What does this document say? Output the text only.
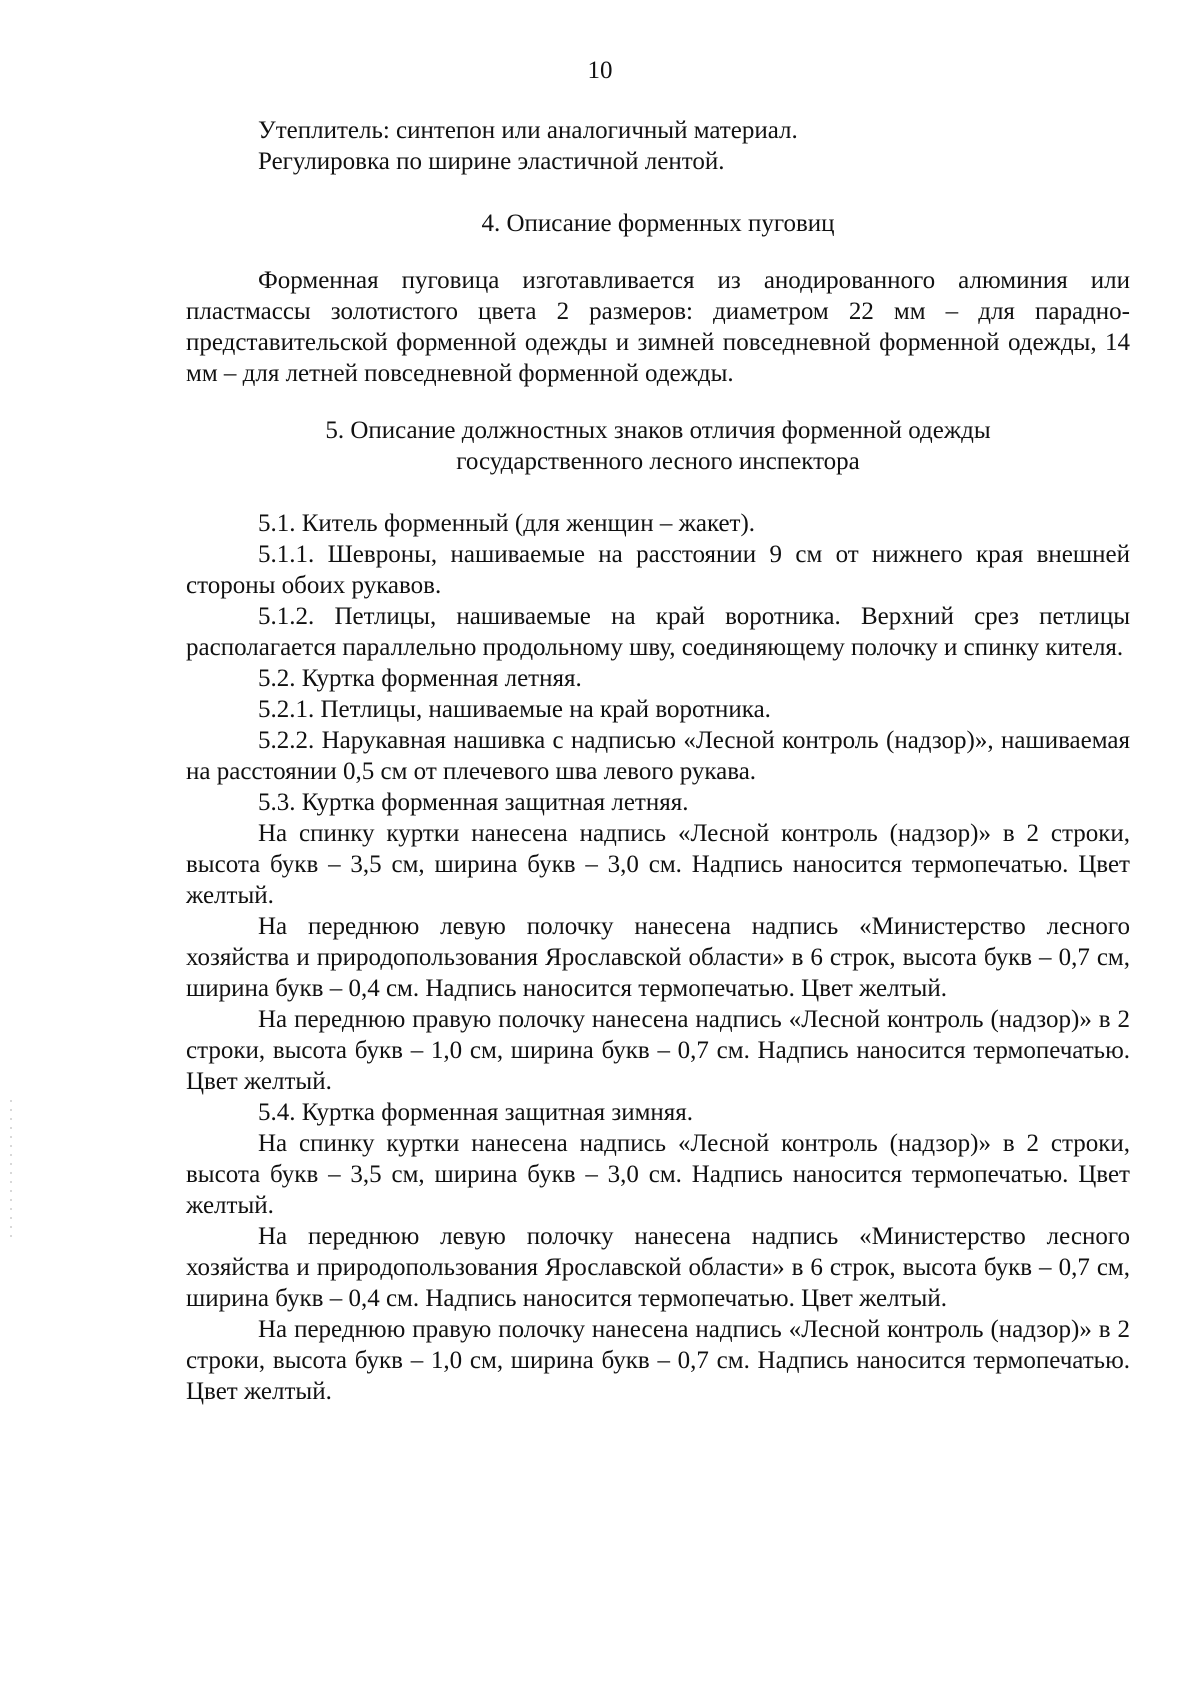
10

Утеплитель: синтепон или аналогичный материал.

Регулировка по ширине эластичной лентой.

4. Описание форменных пуговиц

Форменная пуговица изготавливается из анодированного алюминия или пластмассы золотистого цвета 2 размеров: диаметром 22 мм – для парадно-представительской форменной одежды и зимней повседневной форменной одежды, 14 мм – для летней повседневной форменной одежды.

5. Описание должностных знаков отличия форменной одежды
государственного лесного инспектора

5.1. Китель форменный (для женщин – жакет).

5.1.1. Шевроны, нашиваемые на расстоянии 9 см от нижнего края внешней стороны обоих рукавов.

5.1.2. Петлицы, нашиваемые на край воротника. Верхний срез петлицы располагается параллельно продольному шву, соединяющему полочку и спинку кителя.

5.2. Куртка форменная летняя.

5.2.1. Петлицы, нашиваемые на край воротника.

5.2.2. Нарукавная нашивка с надписью «Лесной контроль (надзор)», нашиваемая на расстоянии 0,5 см от плечевого шва левого рукава.

5.3. Куртка форменная защитная летняя.

На спинку куртки нанесена надпись «Лесной контроль (надзор)» в 2 строки, высота букв – 3,5 см, ширина букв – 3,0 см. Надпись наносится термопечатью. Цвет желтый.

На переднюю левую полочку нанесена надпись «Министерство лесного хозяйства и природопользования Ярославской области» в 6 строк, высота букв – 0,7 см, ширина букв – 0,4 см. Надпись наносится термопечатью. Цвет желтый.

На переднюю правую полочку нанесена надпись «Лесной контроль (надзор)» в 2 строки, высота букв – 1,0 см, ширина букв – 0,7 см. Надпись наносится термопечатью. Цвет желтый.

5.4. Куртка форменная защитная зимняя.

На спинку куртки нанесена надпись «Лесной контроль (надзор)» в 2 строки, высота букв – 3,5 см, ширина букв – 3,0 см. Надпись наносится термопечатью. Цвет желтый.

На переднюю левую полочку нанесена надпись «Министерство лесного хозяйства и природопользования Ярославской области» в 6 строк, высота букв – 0,7 см, ширина букв – 0,4 см. Надпись наносится термопечатью. Цвет желтый.

На переднюю правую полочку нанесена надпись «Лесной контроль (надзор)» в 2 строки, высота букв – 1,0 см, ширина букв – 0,7 см. Надпись наносится термопечатью. Цвет желтый.
